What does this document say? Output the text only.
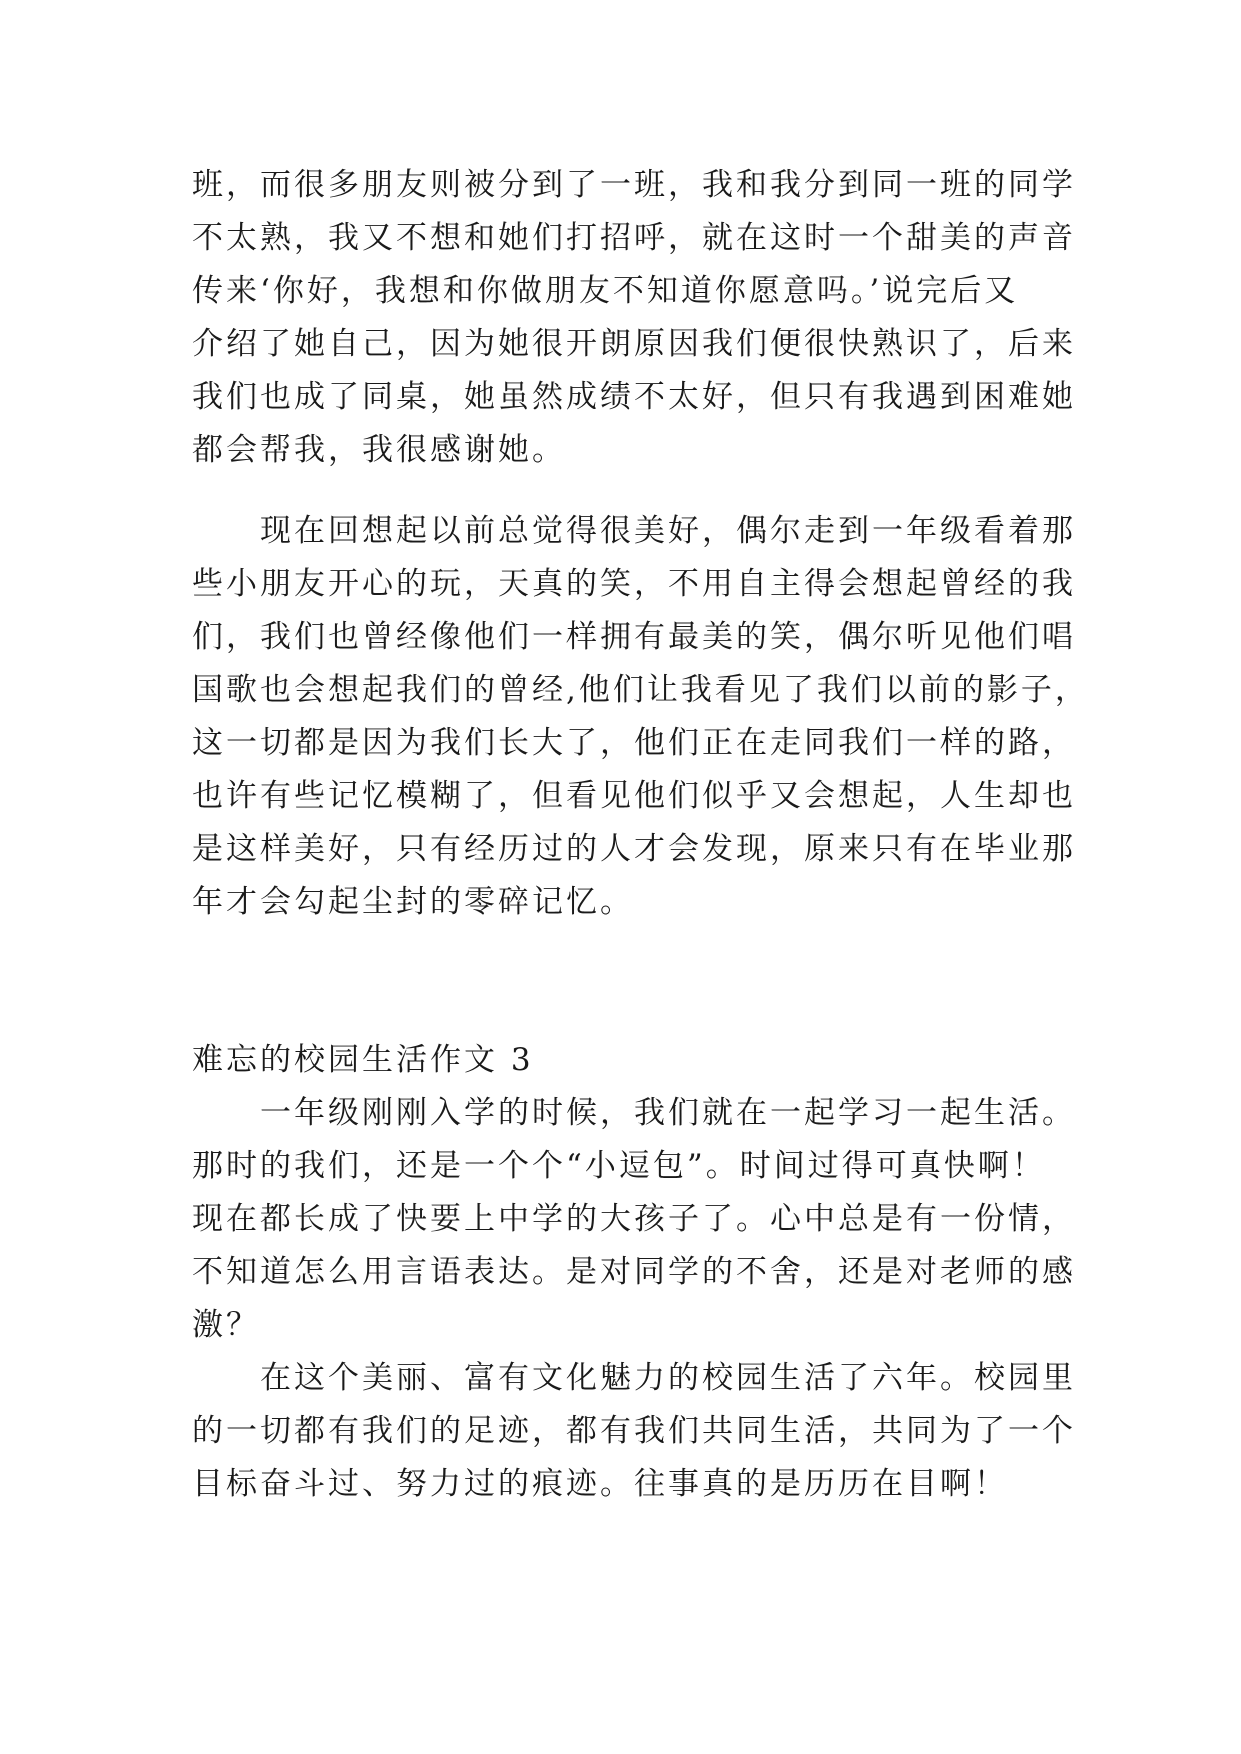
班，而很多朋友则被分到了一班，我和我分到同一班的同学
不太熟，我又不想和她们打招呼，就在这时一个甜美的声音
传来‘你好，我想和你做朋友不知道你愿意吗。’说完后又
介绍了她自己，因为她很开朗原因我们便很快熟识了，后来
我们也成了同桌，她虽然成绩不太好，但只有我遇到困难她
都会帮我，我很感谢她。
　　现在回想起以前总觉得很美好，偶尔走到一年级看着那
些小朋友开心的玩，天真的笑，不用自主得会想起曾经的我
们，我们也曾经像他们一样拥有最美的笑，偶尔听见他们唱
国歌也会想起我们的曾经,他们让我看见了我们以前的影子，
这一切都是因为我们长大了，他们正在走同我们一样的路，
也许有些记忆模糊了，但看见他们似乎又会想起，人生却也
是这样美好，只有经历过的人才会发现，原来只有在毕业那
年才会勾起尘封的零碎记忆。
难忘的校园生活作文 3
　　一年级刚刚入学的时候，我们就在一起学习一起生活。
那时的我们，还是一个个“小逗包”。时间过得可真快啊！
现在都长成了快要上中学的大孩子了。心中总是有一份情，
不知道怎么用言语表达。是对同学的不舍，还是对老师的感
激？
　　在这个美丽、富有文化魅力的校园生活了六年。校园里
的一切都有我们的足迹，都有我们共同生活，共同为了一个
目标奋斗过、努力过的痕迹。往事真的是历历在目啊！
